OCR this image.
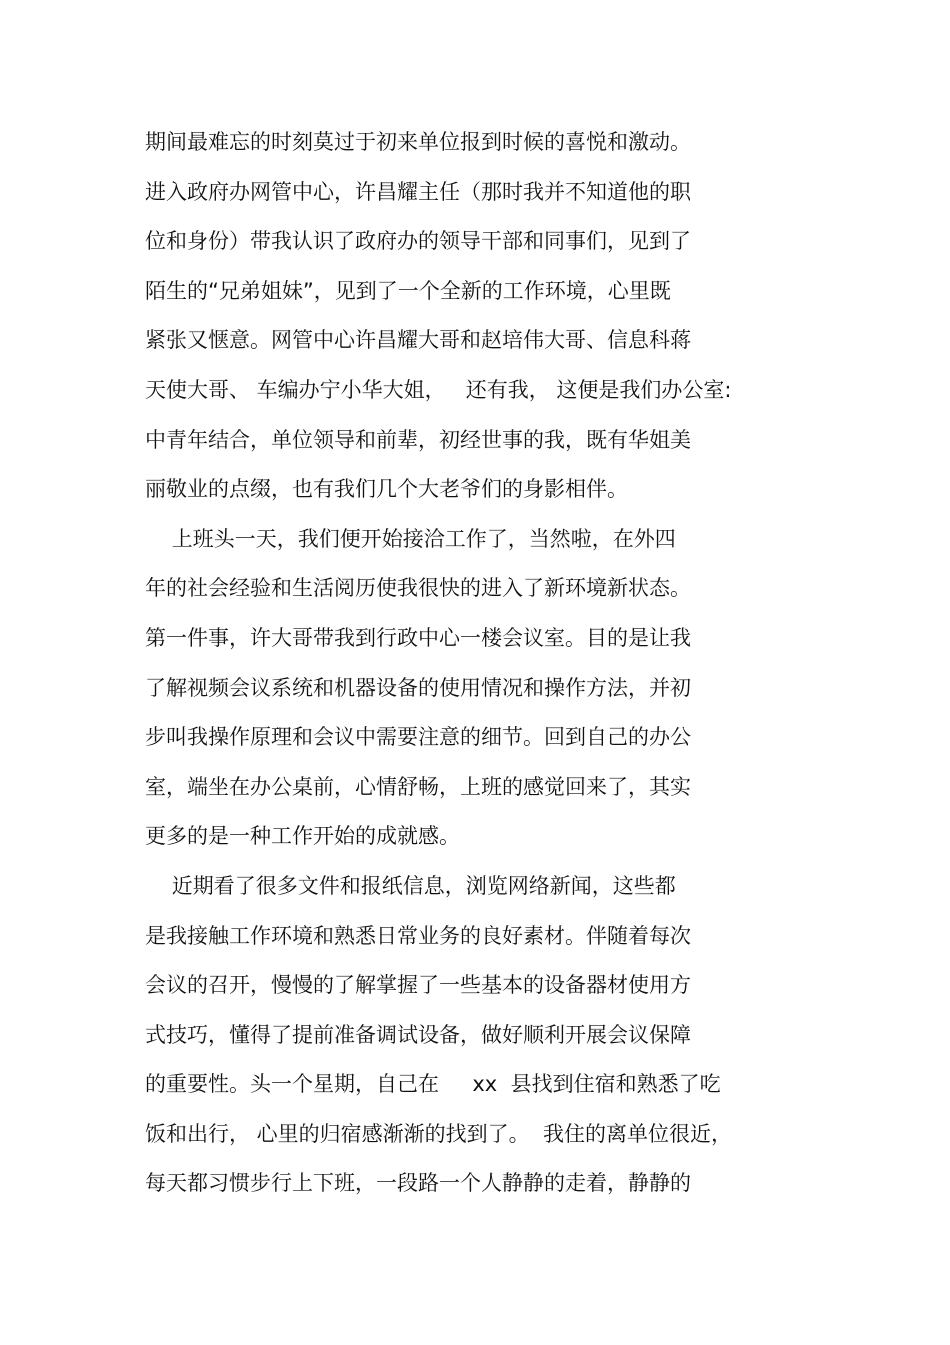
期间最难忘的时刻莫过于初来单位报到时候的喜悦和激动。
进入政府办网管中心，许昌耀主任（那时我并不知道他的职
位和身份）带我认识了政府办的领导干部和同事们，见到了
陌生的“兄弟姐妹”，见到了一个全新的工作环境，心里既
紧张又惬意。网管中心许昌耀大哥和赵培伟大哥、信息科蒋
天使大哥、 车编办宁小华大姐，   还有我， 这便是我们办公室:
中青年结合，单位领导和前辈，初经世事的我，既有华姐美
丽敬业的点缀，也有我们几个大老爷们的身影相伴。
上班头一天，我们便开始接洽工作了，当然啦，在外四
年的社会经验和生活阅历使我很快的进入了新环境新状态。
第一件事，许大哥带我到行政中心一楼会议室。目的是让我
了解视频会议系统和机器设备的使用情况和操作方法，并初
步叫我操作原理和会议中需要注意的细节。回到自己的办公
室，端坐在办公桌前，心情舒畅，上班的感觉回来了，其实
更多的是一种工作开始的成就感。
近期看了很多文件和报纸信息，浏览网络新闻，这些都
是我接触工作环境和熟悉日常业务的良好素材。伴随着每次
会议的召开，慢慢的了解掌握了一些基本的设备器材使用方
式技巧，懂得了提前准备调试设备，做好顺利开展会议保障
的重要性。头一个星期，自己在     xx  县找到住宿和熟悉了吃
饭和出行， 心里的归宿感渐渐的找到了。  我住的离单位很近，
每天都习惯步行上下班，一段路一个人静静的走着，静静的
